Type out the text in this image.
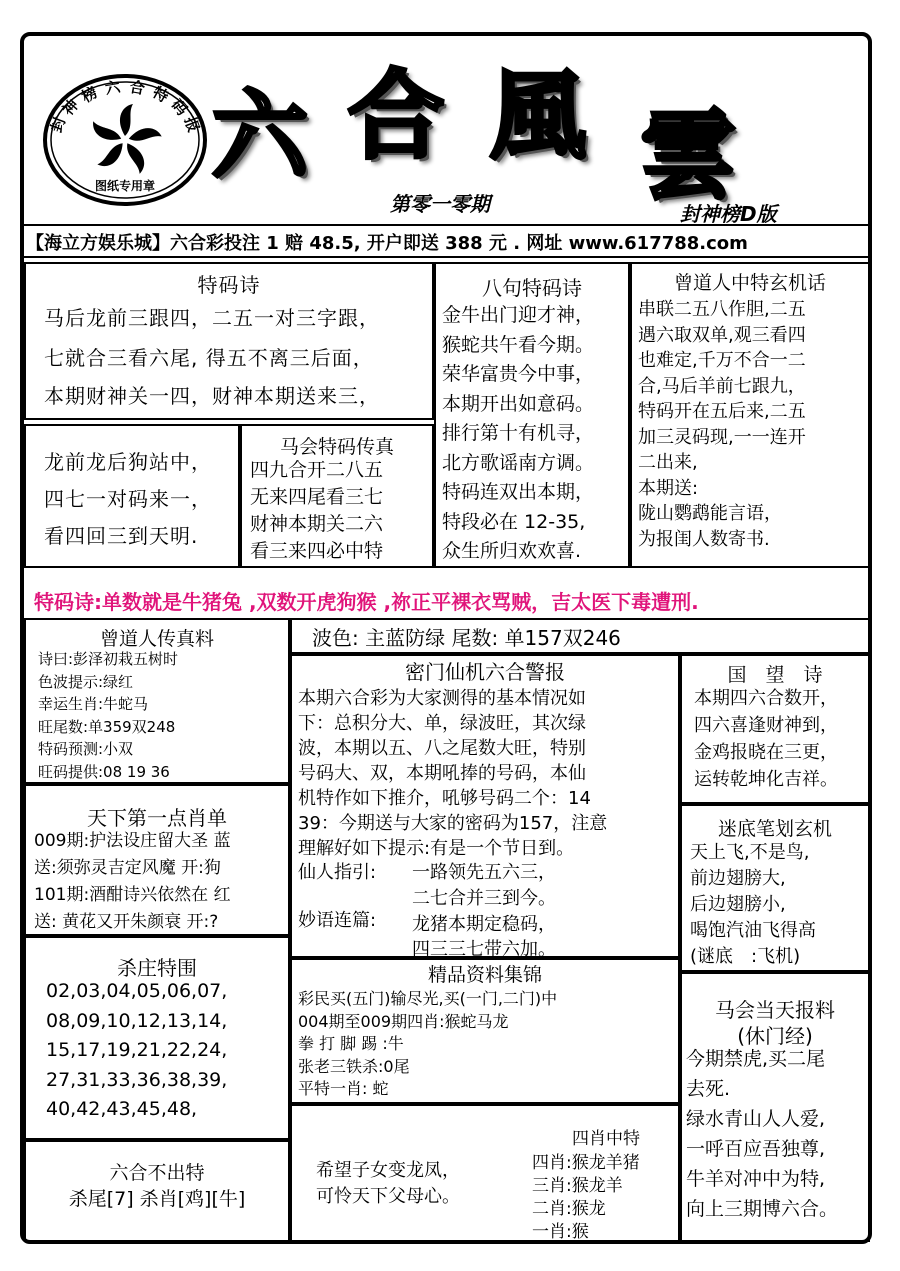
封
神
榜 六 合 特
码
报
图纸专用章 六 合 風 雲
第零一零期	封神榜D版
【海立方娱乐城】六合彩投注 1 赔 48.5, 开户即送 388 元 . 网址 www.617788.com
特码诗
马后龙前三跟四，二五一对三字跟，
七就合三看六尾, 得五不离三后面，
本期财神关一四，财神本期送来三，
龙前龙后狗站中，
四七一对码来一，
看四回三到天明.
马会特码传真
四九合开二八五
无来四尾看三七
财神本期关二六
看三来四必中特
八句特码诗
金牛出门迎才神，
猴蛇共午看今期。
荣华富贵今中事，
本期开出如意码。
排行第十有机寻，
北方歌谣南方调。
特码连双出本期，
特段必在 12-35,
众生所归欢欢喜.
曾道人中特玄机话
串联二五八作胆,二五
遇六取双单,观三看四
也难定,千万不合一二
合,马后羊前七跟九，
特码开在五后来,二五
加三灵码现,一一连开
二出来,
本期送:
陇山鹦鹉能言语，
为报闺人数寄书.
特码诗:单数就是牛猪兔 ,双数开虎狗猴 ,祢正平裸衣骂贼，吉太医下毒遭刑.
曾道人传真料
诗曰:彭泽初栽五树时
色波提示:绿红
幸运生肖:牛蛇马
旺尾数:单359双248
特码预测:小双
旺码提供:08 19 36
波色: 主蓝防绿 尾数: 单157双246
密门仙机六合警报
本期六合彩为大家测得的基本情况如
下：总积分大、单，绿波旺，其次绿
波，本期以五、八之尾数大旺，特别
号码大、双，本期吼捧的号码，本仙
机特作如下推介，吼够号码二个：14
39：今期送与大家的密码为157，注意
理解好如下提示:有是一个节日到。
仙人指引: 一路领先五六三，
二七合并三到今。
妙语连篇: 龙猪本期定稳码，
四三三七带六加。
国　望　诗
本期四六合数开，
四六喜逢财神到，
金鸡报晓在三更，
运转乾坤化吉祥。
天下第一点肖单
009期:护法设庄留大圣 蓝
送:须弥灵吉定风魔 开:狗
101期:酒酣诗兴依然在 红
送: 黄花又开朱颜衰 开:?
迷底笔划玄机
天上飞,不是鸟,
前边翅膀大,
后边翅膀小,
喝饱汽油飞得高
(谜底　:飞机)
杀庄特围
02,03,04,05,06,07,
08,09,10,12,13,14,
15,17,19,21,22,24,
27,31,33,36,38,39,
40,42,43,45,48,
精品资料集锦
彩民买(五门)输尽光,买(一门,二门)中
004期至009期四肖:猴蛇马龙
拳 打 脚 踢 :牛
张老三铁杀:0尾
平特一肖: 蛇
马会当天报料
(休门经)
今期禁虎,买二尾
去死.
绿水青山人人爱,
一呼百应吾独尊,
牛羊对冲中为特,
向上三期博六合。
六合不出特
杀尾[7] 杀肖[鸡][牛]
希望子女变龙凤，
可怜天下父母心。
四肖中特
四肖:猴龙羊猪
三肖:猴龙羊
二肖:猴龙
一肖:猴
